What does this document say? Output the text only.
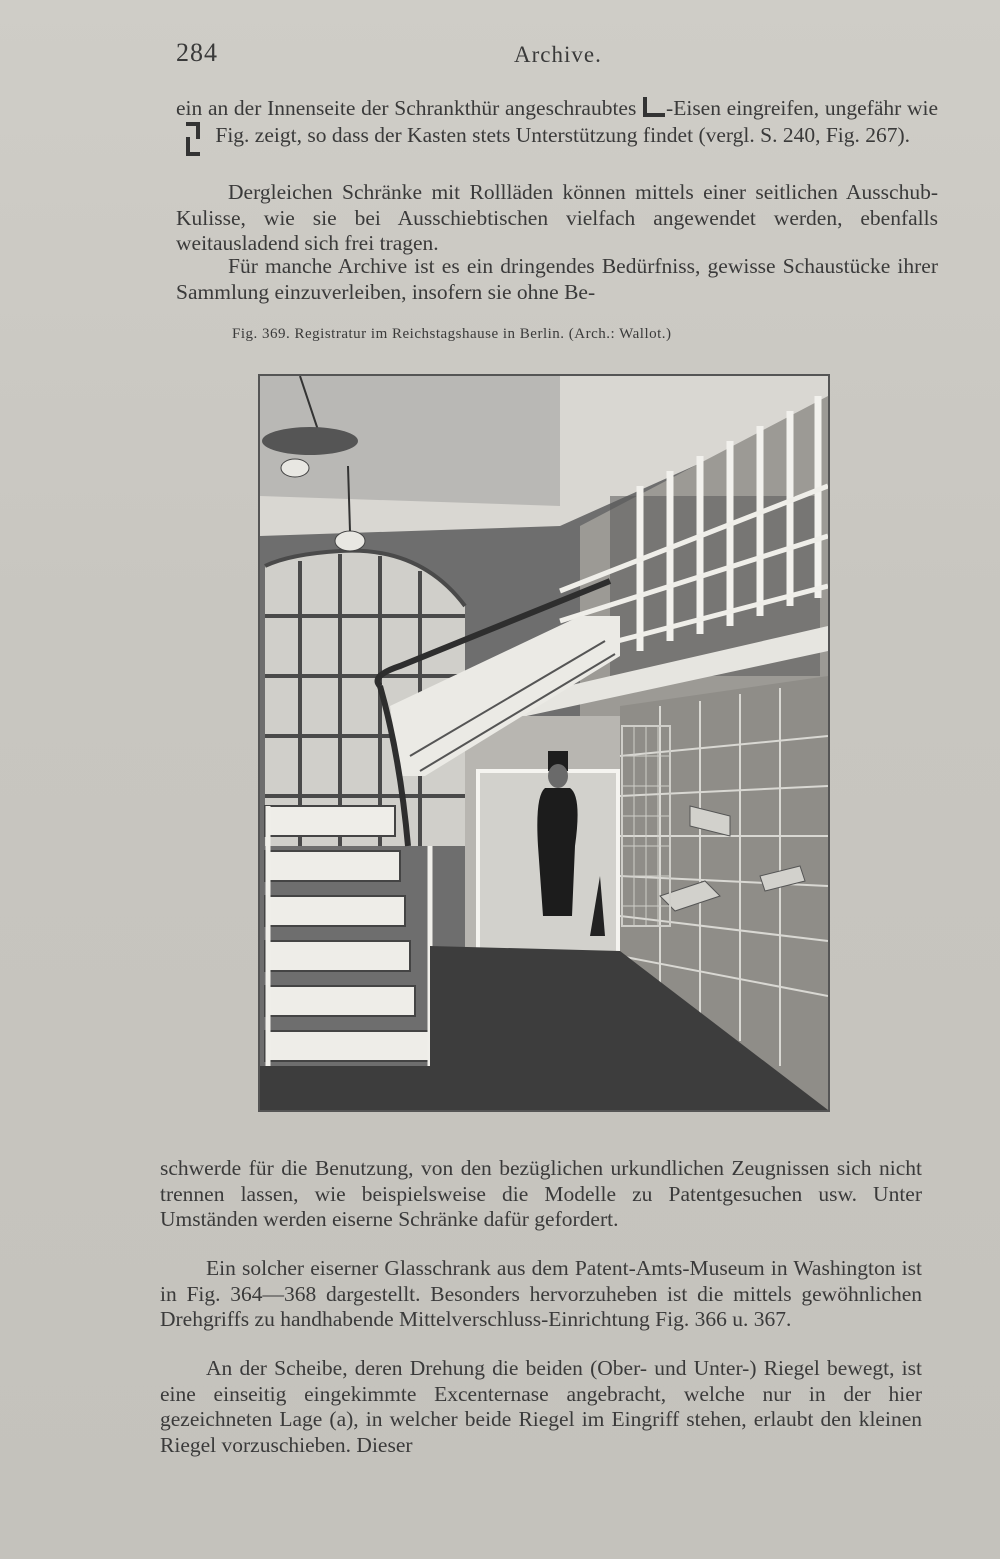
284	Archive.

ein an der Innenseite der Schrankthür angeschraubtes -Eisen eingreifen, ungefähr wie
Fig. zeigt, so dass der Kasten stets Unterstützung findet (vergl. S. 240, Fig. 267).

Dergleichen Schränke mit Rollläden können mittels einer seitlichen Ausschub-Kulisse, wie sie bei Ausschiebtischen vielfach angewendet werden, ebenfalls weitausladend sich frei tragen.

Für manche Archive ist es ein dringendes Bedürfniss, gewisse Schaustücke ihrer Sammlung einzuverleiben, insofern sie ohne Be-

Fig. 369. Registratur im Reichstagshause in Berlin. (Arch.: Wallot.)

schwerde für die Benutzung, von den bezüglichen urkundlichen Zeugnissen sich nicht trennen lassen, wie beispielsweise die Modelle zu Patentgesuchen usw. Unter Umständen werden eiserne Schränke dafür gefordert.

Ein solcher eiserner Glasschrank aus dem Patent-Amts-Museum in Washington ist in Fig. 364—368 dargestellt. Besonders hervorzuheben ist die mittels gewöhnlichen Drehgriffs zu handhabende Mittelverschluss-Einrichtung Fig. 366 u. 367.

An der Scheibe, deren Drehung die beiden (Ober- und Unter-) Riegel bewegt, ist eine einseitig eingekimmte Excenternase angebracht, welche nur in der hier gezeichneten Lage (a), in welcher beide Riegel im Eingriff stehen, erlaubt den kleinen Riegel vorzuschieben. Dieser
